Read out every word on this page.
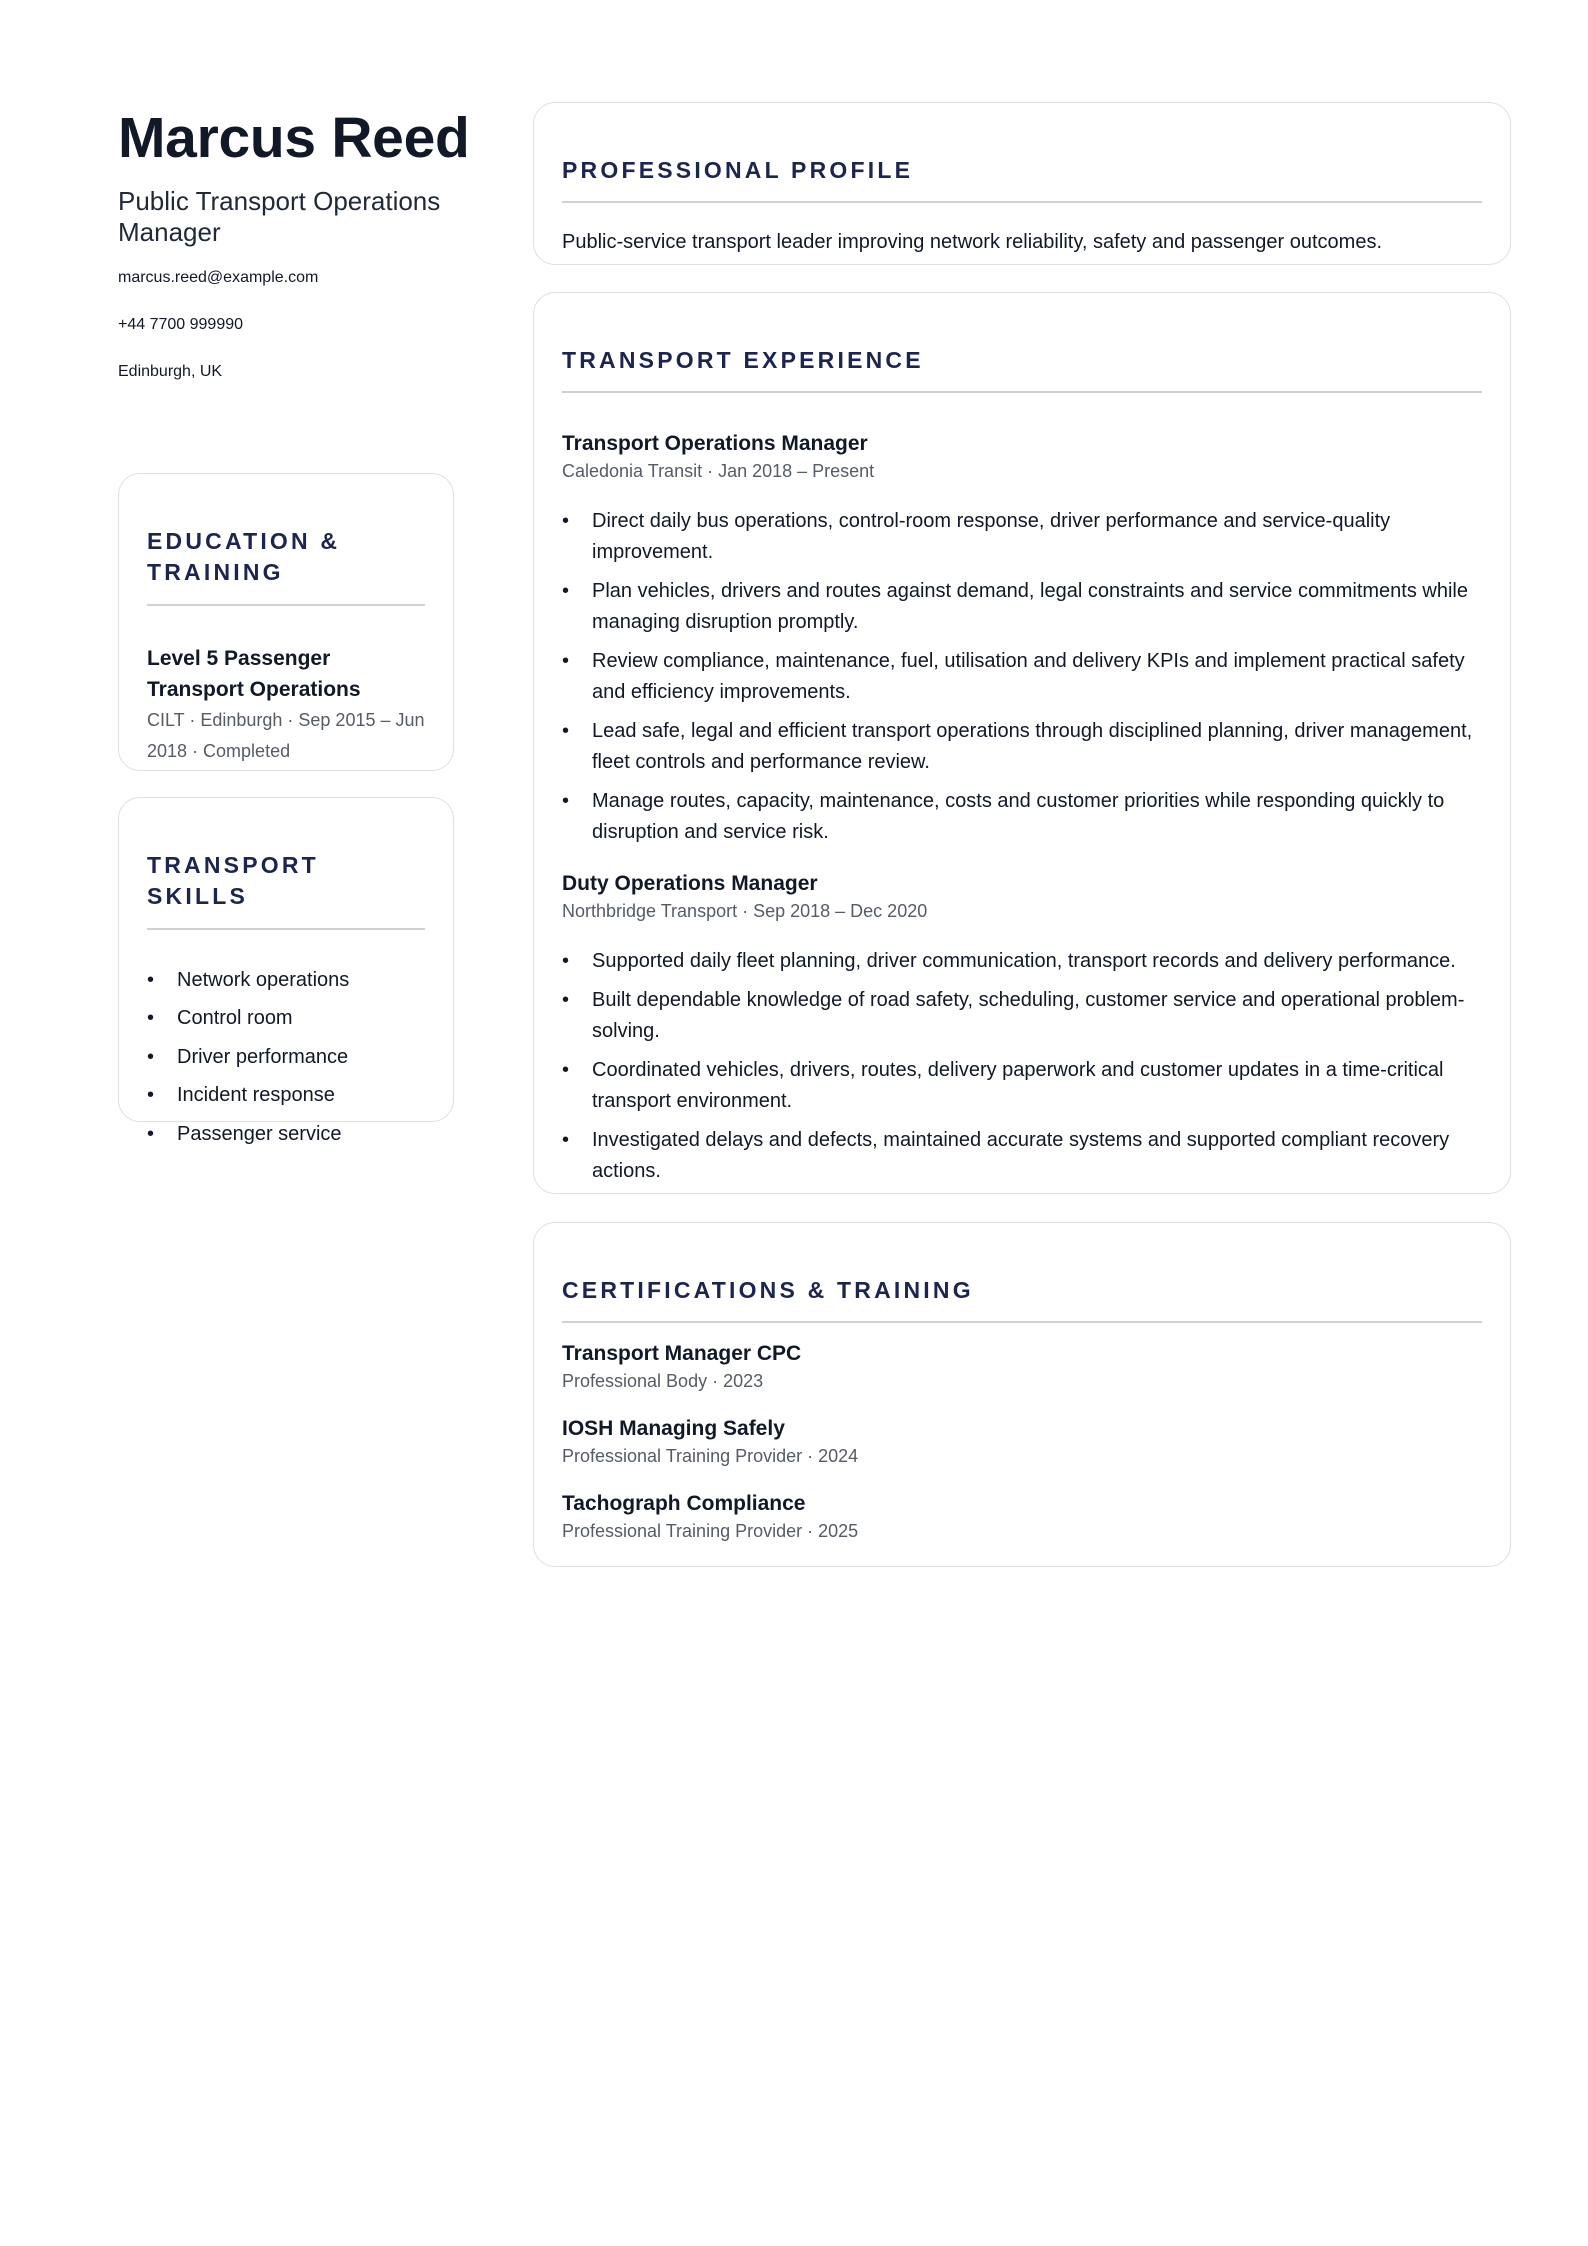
Marcus Reed
Public Transport Operations Manager
marcus.reed@example.com
+44 7700 999990
Edinburgh, UK
EDUCATION & TRAINING
Level 5 Passenger Transport Operations
CILT · Edinburgh · Sep 2015 – Jun 2018 · Completed
TRANSPORT SKILLS
• Network operations
• Control room
• Driver performance
• Incident response
• Passenger service
PROFESSIONAL PROFILE
Public-service transport leader improving network reliability, safety and passenger outcomes.
TRANSPORT EXPERIENCE
Transport Operations Manager
Caledonia Transit · Jan 2018 – Present
• Direct daily bus operations, control-room response, driver performance and service-quality improvement.
• Plan vehicles, drivers and routes against demand, legal constraints and service commitments while managing disruption promptly.
• Review compliance, maintenance, fuel, utilisation and delivery KPIs and implement practical safety and efficiency improvements.
• Lead safe, legal and efficient transport operations through disciplined planning, driver management, fleet controls and performance review.
• Manage routes, capacity, maintenance, costs and customer priorities while responding quickly to disruption and service risk.
Duty Operations Manager
Northbridge Transport · Sep 2018 – Dec 2020
• Supported daily fleet planning, driver communication, transport records and delivery performance.
• Built dependable knowledge of road safety, scheduling, customer service and operational problem-solving.
• Coordinated vehicles, drivers, routes, delivery paperwork and customer updates in a time-critical transport environment.
• Investigated delays and defects, maintained accurate systems and supported compliant recovery actions.
CERTIFICATIONS & TRAINING
Transport Manager CPC
Professional Body · 2023
IOSH Managing Safely
Professional Training Provider · 2024
Tachograph Compliance
Professional Training Provider · 2025
